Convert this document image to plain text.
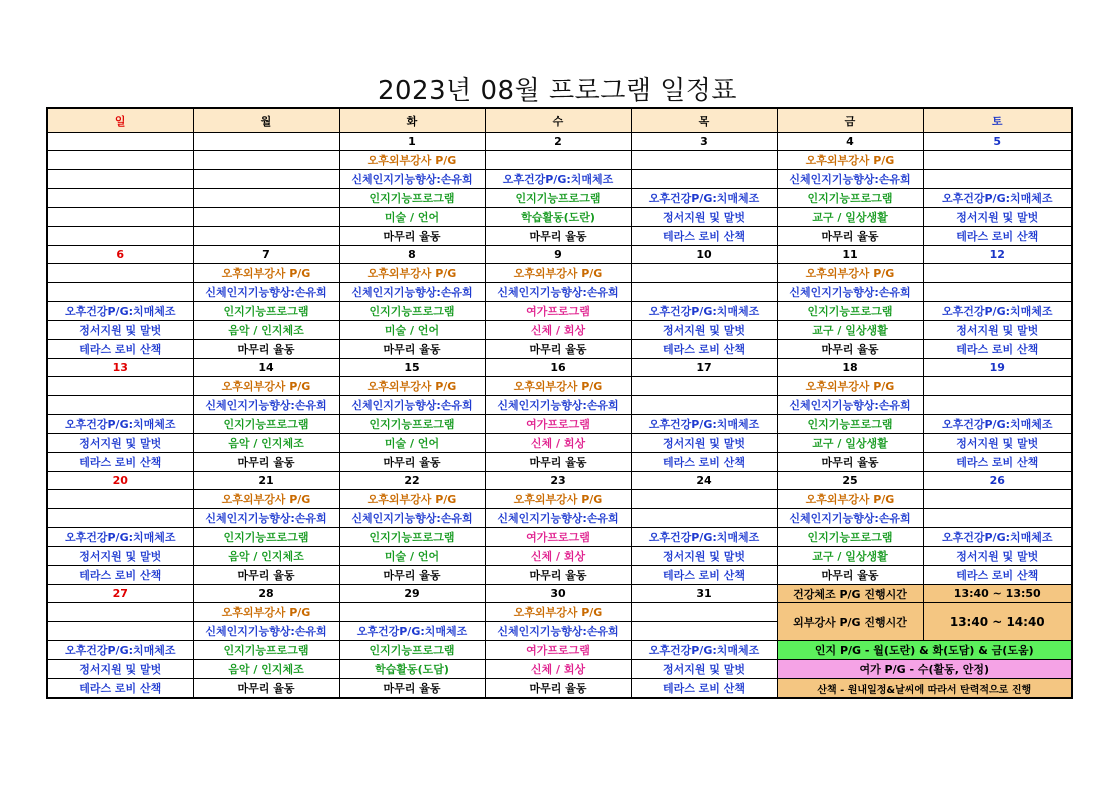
2023년 08월 프로그램 일정표
일	월	화	수	목	금	토
		1	2	3	4	5
		오후외부강사 P/G			오후외부강사 P/G	
		신체인지기능향상:손유희	오후건강P/G:치매체조		신체인지기능향상:손유희	
		인지기능프로그램	인지기능프로그램	오후건강P/G:치매체조	인지기능프로그램	오후건강P/G:치매체조
		미술 / 언어	학습활동(도란)	정서지원 및 말벗	교구 / 일상생활	정서지원 및 말벗
		마무리 율동	마무리 율동	테라스 로비 산책	마무리 율동	테라스 로비 산책
6	7	8	9	10	11	12
	오후외부강사 P/G	오후외부강사 P/G	오후외부강사 P/G		오후외부강사 P/G	
	신체인지기능향상:손유희	신체인지기능향상:손유희	신체인지기능향상:손유희		신체인지기능향상:손유희	
오후건강P/G:치매체조	인지기능프로그램	인지기능프로그램	여가프로그램	오후건강P/G:치매체조	인지기능프로그램	오후건강P/G:치매체조
정서지원 및 말벗	음악 / 인지체조	미술 / 언어	신체 / 회상	정서지원 및 말벗	교구 / 일상생활	정서지원 및 말벗
테라스 로비 산책	마무리 율동	마무리 율동	마무리 율동	테라스 로비 산책	마무리 율동	테라스 로비 산책
13	14	15	16	17	18	19
	오후외부강사 P/G	오후외부강사 P/G	오후외부강사 P/G		오후외부강사 P/G	
	신체인지기능향상:손유희	신체인지기능향상:손유희	신체인지기능향상:손유희		신체인지기능향상:손유희	
오후건강P/G:치매체조	인지기능프로그램	인지기능프로그램	여가프로그램	오후건강P/G:치매체조	인지기능프로그램	오후건강P/G:치매체조
정서지원 및 말벗	음악 / 인지체조	미술 / 언어	신체 / 회상	정서지원 및 말벗	교구 / 일상생활	정서지원 및 말벗
테라스 로비 산책	마무리 율동	마무리 율동	마무리 율동	테라스 로비 산책	마무리 율동	테라스 로비 산책
20	21	22	23	24	25	26
	오후외부강사 P/G	오후외부강사 P/G	오후외부강사 P/G		오후외부강사 P/G	
	신체인지기능향상:손유희	신체인지기능향상:손유희	신체인지기능향상:손유희		신체인지기능향상:손유희	
오후건강P/G:치매체조	인지기능프로그램	인지기능프로그램	여가프로그램	오후건강P/G:치매체조	인지기능프로그램	오후건강P/G:치매체조
정서지원 및 말벗	음악 / 인지체조	미술 / 언어	신체 / 회상	정서지원 및 말벗	교구 / 일상생활	정서지원 및 말벗
테라스 로비 산책	마무리 율동	마무리 율동	마무리 율동	테라스 로비 산책	마무리 율동	테라스 로비 산책
27	28	29	30	31	건강체조 P/G 진행시간	13:40 ~ 13:50
	오후외부강사 P/G		오후외부강사 P/G		외부강사 P/G 진행시간	13:40 ~ 14:40
	신체인지기능향상:손유희	오후건강P/G:치매체조	신체인지기능향상:손유희			
오후건강P/G:치매체조	인지기능프로그램	인지기능프로그램	여가프로그램	오후건강P/G:치매체조	인지 P/G - 월(도란) & 화(도담) & 금(도움)	
정서지원 및 말벗	음악 / 인지체조	학습활동(도담)	신체 / 회상	정서지원 및 말벗	여가 P/G - 수(활동, 안정)	
테라스 로비 산책	마무리 율동	마무리 율동	마무리 율동	테라스 로비 산책	산책 - 원내일정&날씨에 따라서 탄력적으로 진행	
